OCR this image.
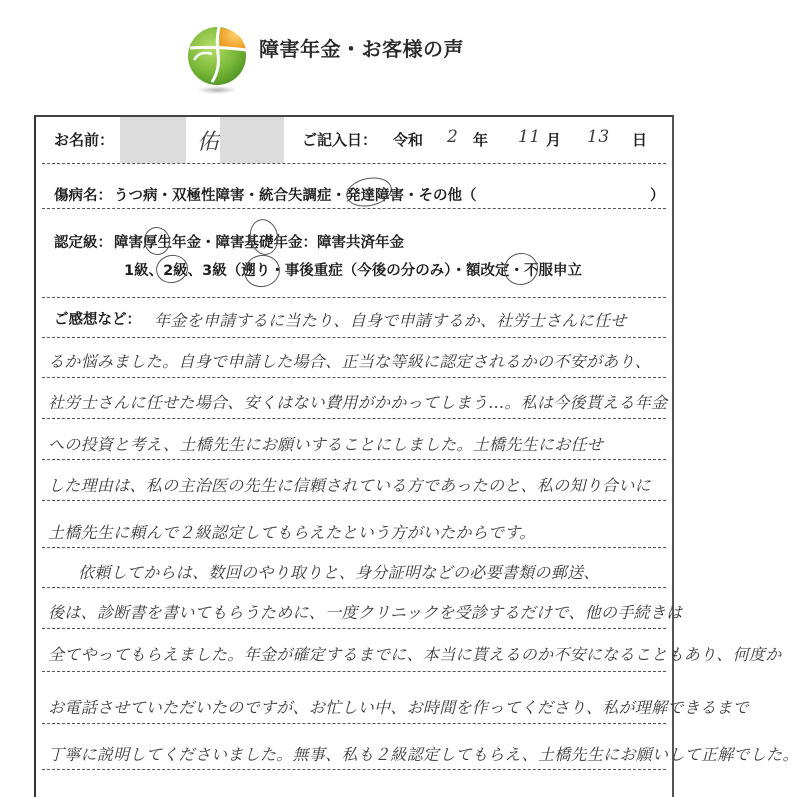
障害年金・お客様の声
お名前：	佑	ご記入日： 令和 2 年 11 月 13 日
傷病名： うつ病・双極性障害・統合失調症・発達障害・その他（	）
認定級： 障害厚生年金・障害基礎年金：障害共済年金
1級、2級、3級（遡り・事後重症（今後の分のみ）・額改定・不服申立
ご感想など： 年金を申請するに当たり、自身で申請するか、社労士さんに任せ
るか悩みました。自身で申請した場合、正当な等級に認定されるかの不安があり、
社労士さんに任せた場合、安くはない費用がかかってしまう…。私は今後貰える年金
への投資と考え、土橋先生にお願いすることにしました。土橋先生にお任せ
した理由は、私の主治医の先生に信頼されている方であったのと、私の知り合いに
土橋先生に頼んで２級認定してもらえたという方がいたからです。
依頼してからは、数回のやり取りと、身分証明などの必要書類の郵送、
後は、診断書を書いてもらうために、一度クリニックを受診するだけで、他の手続きは
全てやってもらえました。年金が確定するまでに、本当に貰えるのか不安になることもあり、何度か
お電話させていただいたのですが、お忙しい中、お時間を作ってくださり、私が理解できるまで
丁寧に説明してくださいました。無事、私も２級認定してもらえ、土橋先生にお願いして正解でした。
